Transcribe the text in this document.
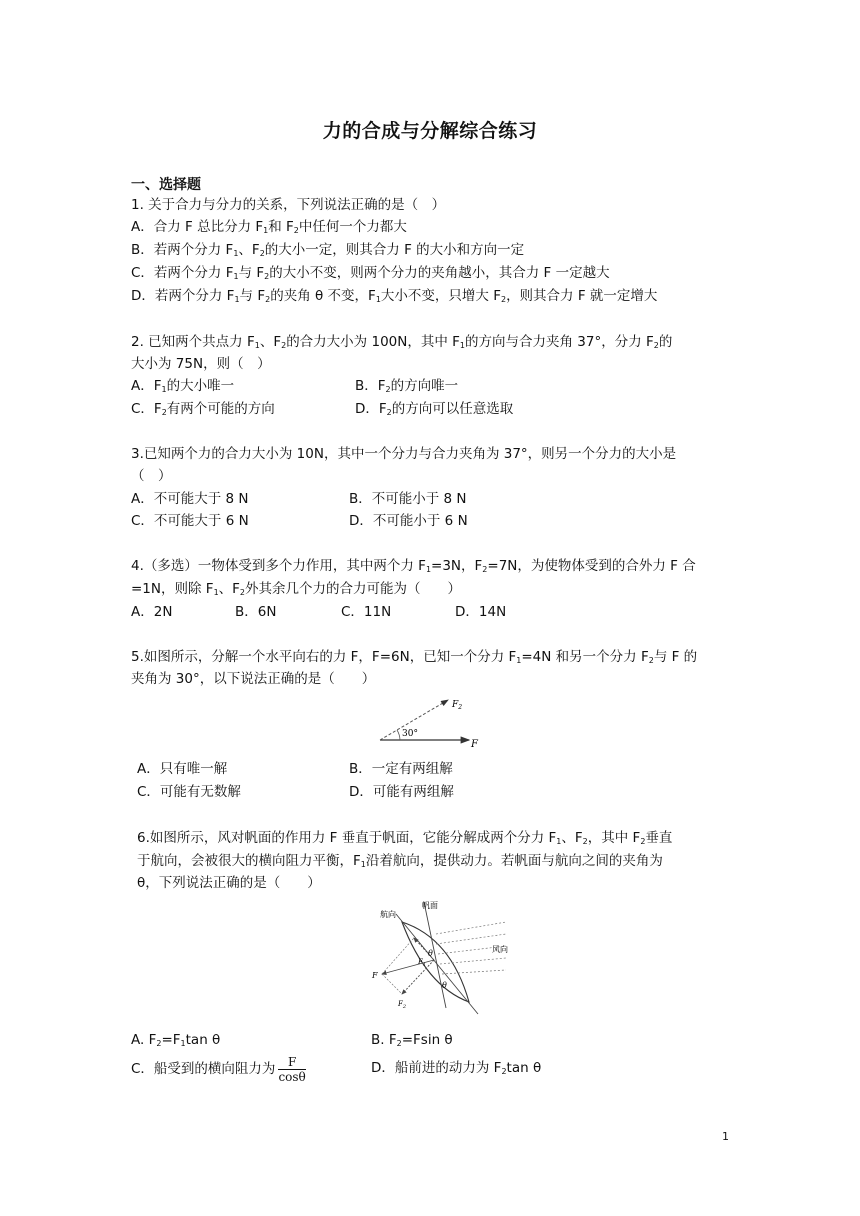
力的合成与分解综合练习
一、选择题
1. 关于合力与分力的关系，下列说法正确的是（　）
A．合力 F 总比分力 $F_1$和 $F_2$中任何一个力都大
B．若两个分力 $F_1$、$F_2$的大小一定，则其合力 F 的大小和方向一定
C．若两个分力 $F_1$与 $F_2$的大小不变，则两个分力的夹角越小，其合力 F 一定越大
D．若两个分力 $F_1$与 $F_2$的夹角 θ 不变，$F_1$大小不变，只增大 $F_2$，则其合力 F 就一定增大
2. 已知两个共点力 $F_1$、$F_2$的合力大小为 100N，其中 $F_1$的方向与合力夹角 37°，分力 $F_2$的
大小为 75N，则（　）
A．$F_1$的大小唯一	B．$F_2$的方向唯一
C．$F_2$有两个可能的方向	D．$F_2$的方向可以任意选取
3.已知两个力的合力大小为 10N，其中一个分力与合力夹角为 37°，则另一个分力的大小是
（　）
A．不可能大于 8 N	B．不可能小于 8 N
C．不可能大于 6 N	D．不可能小于 6 N
4.（多选）一物体受到多个力作用，其中两个力 $F_1=3N$，$F_2=7N$，为使物体受到的合外力 F 合
=1N，则除 $F_1$、$F_2$外其余几个力的合力可能为（　　）
A．2N	B．6N	C．11N	D．14N
5.如图所示，分解一个水平向右的力 F，F=6N，已知一个分力 $F_1=4N$ 和另一个分力 $F_2$与 F 的
夹角为 30°，以下说法正确的是（　　）
30°
F
$F_2$
A．只有唯一解	B．一定有两组解
C．可能有无数解	D．可能有两组解
6.如图所示，风对帆面的作用力 F 垂直于帆面，它能分解成两个分力 $F_1$、$F_2$，其中 $F_2$垂直
于航向，会被很大的横向阻力平衡，$F_1$沿着航向，提供动力。若帆面与航向之间的夹角为
θ，下列说法正确的是（　　）
航向
帆面
风向
θ
θ
F
$F_1$
$F_2$
A. $F_2=F_1\tan$ θ	B. $F_2=Fsin$ θ
C．船受到的横向阻力为 $\frac{F}{\cos\theta}$	D．船前进的动力为 $F_2\tan$ θ
1
